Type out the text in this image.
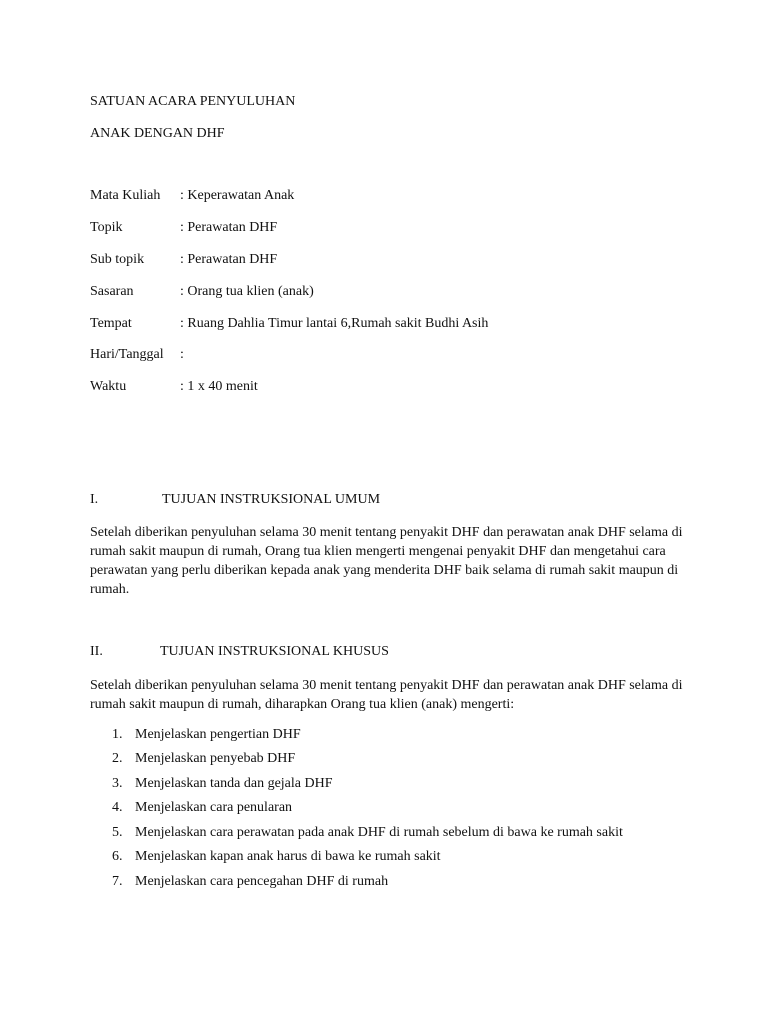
SATUAN ACARA PENYULUHAN
ANAK DENGAN DHF
Mata Kuliah : Keperawatan Anak
Topik	: Perawatan DHF
Sub topik	: Perawatan DHF
Sasaran	: Orang tua klien (anak)
Tempat	: Ruang Dahlia Timur lantai 6,Rumah sakit Budhi Asih
Hari/Tanggal :
Waktu	: 1 x 40 menit
I.	TUJUAN INSTRUKSIONAL UMUM

Setelah diberikan penyuluhan selama 30 menit tentang penyakit DHF dan perawatan anak DHF selama di

rumah sakit maupun di rumah, Orang tua klien mengerti mengenai penyakit DHF dan mengetahui cara

perawatan yang perlu diberikan kepada anak yang menderita DHF baik selama di rumah sakit maupun di

rumah.

II.	TUJUAN INSTRUKSIONAL KHUSUS

Setelah diberikan penyuluhan selama 30 menit tentang penyakit DHF dan perawatan anak DHF selama di

rumah sakit maupun di rumah, diharapkan Orang tua klien (anak) mengerti:

1. Menjelaskan pengertian DHF
2. Menjelaskan penyebab DHF
3. Menjelaskan tanda dan gejala DHF
4. Menjelaskan cara penularan
5. Menjelaskan cara perawatan pada anak DHF di rumah sebelum di bawa ke rumah sakit
6. Menjelaskan kapan anak harus di bawa ke rumah sakit
7. Menjelaskan cara pencegahan DHF di rumah
